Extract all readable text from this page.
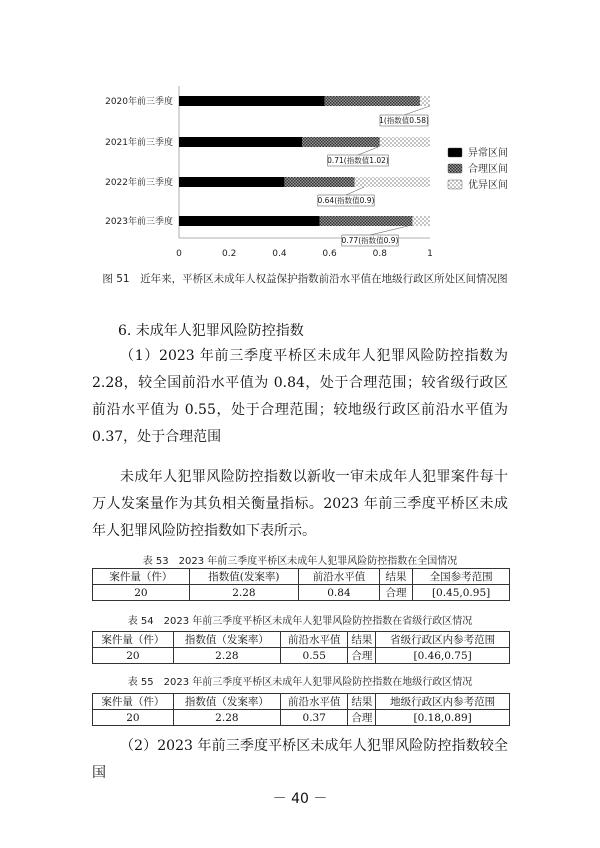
2020年前三季度
2021年前三季度
2022年前三季度
2023年前三季度
0	0.2	0.4	0.6	0.8	1
1(指数值0.58)
0.71(指数值1.02)
0.64(指数值0.9)
0.77(指数值0.9)
异常区间
合理区间
优异区间
图 51　近年来，平桥区未成年人权益保护指数前沿水平值在地级行政区所处区间情况图
6. 未成年人犯罪风险防控指数

（1）2023 年前三季度平桥区未成年人犯罪风险防控指数为 2.28，较全国前沿水平值为 0.84，处于合理范围；较省级行政区前沿水平值为 0.55，处于合理范围；较地级行政区前沿水平值为 0.37，处于合理范围

未成年人犯罪风险防控指数以新收一审未成年人犯罪案件每十万人发案量作为其负相关衡量指标。2023 年前三季度平桥区未成年人犯罪风险防控指数如下表所示。

表 53　2023 年前三季度平桥区未成年人犯罪风险防控指数在全国情况
案件量（件）	指数值(发案率)	前沿水平值	结果	全国参考范围
20	2.28	0.84	合理	[0.45,0.95]
表 54　2023 年前三季度平桥区未成年人犯罪风险防控指数在省级行政区情况
案件量（件）	指数值（发案率）	前沿水平值	结果	省级行政区内参考范围
20	2.28	0.55	合理	[0.46,0.75]
表 55　2023 年前三季度平桥区未成年人犯罪风险防控指数在地级行政区情况
案件量（件）	指数值（发案率）	前沿水平值	结果	地级行政区内参考范围
20	2.28	0.37	合理	[0.18,0.89]

（2）2023 年前三季度平桥区未成年人犯罪风险防控指数较全国

－ 40 －
